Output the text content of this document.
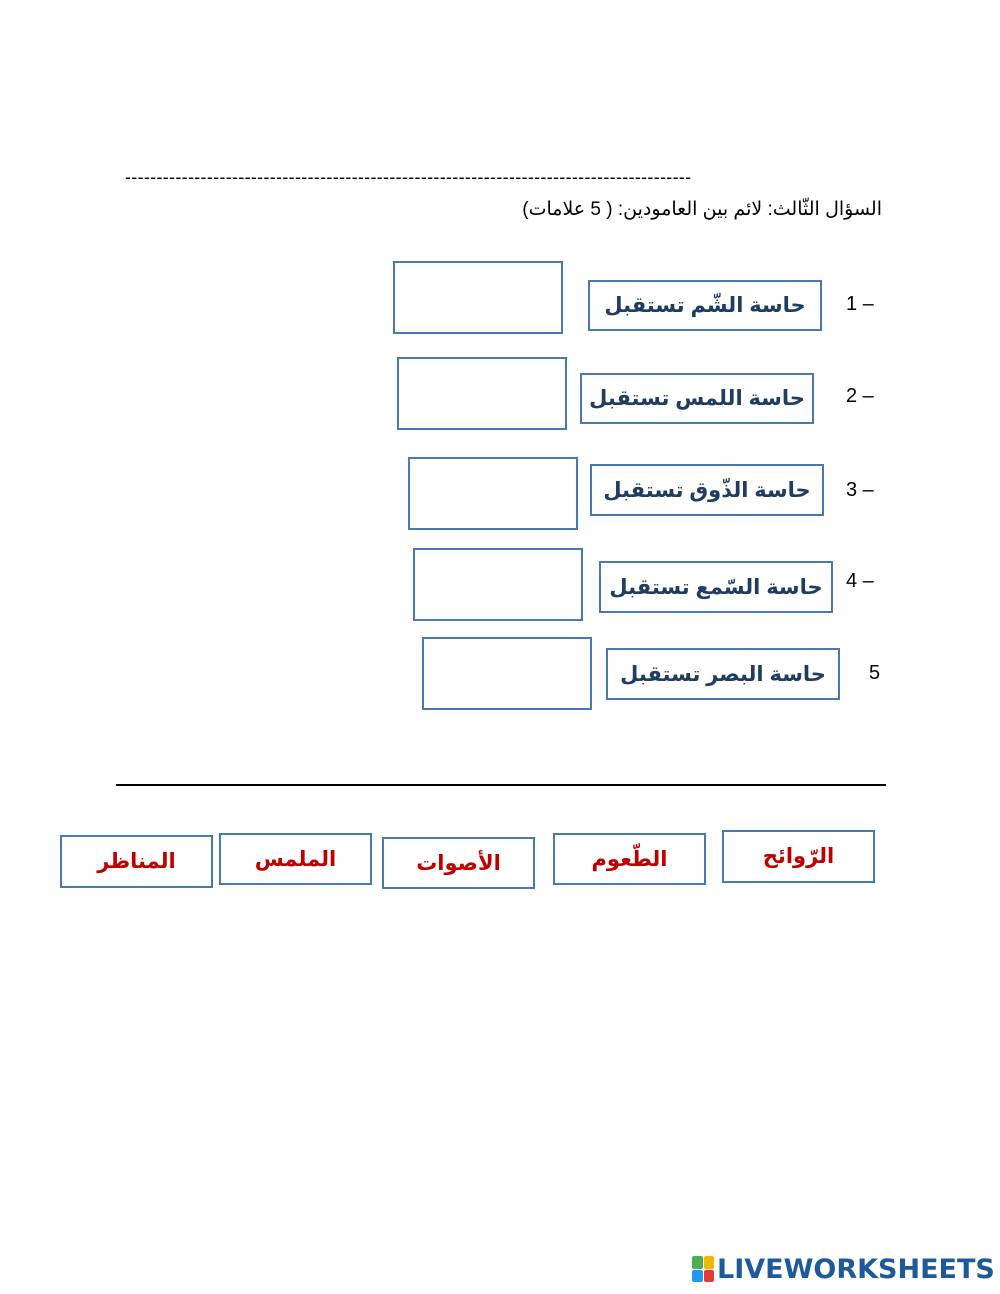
------------------------------------------------------------------------------------------
السؤال الثّالث: لائم بين العامودين: ( 5 علامات)
1 –
حاسة الشّم تستقبل
2 –
حاسة اللمس تستقبل
3 –
حاسة الذّوق تستقبل
4 –
حاسة السّمع تستقبل
5
حاسة البصر تستقبل
الرّوائح
الطّعوم
الأصوات
الملمس
المناظر
LIVEWORKSHEETS
